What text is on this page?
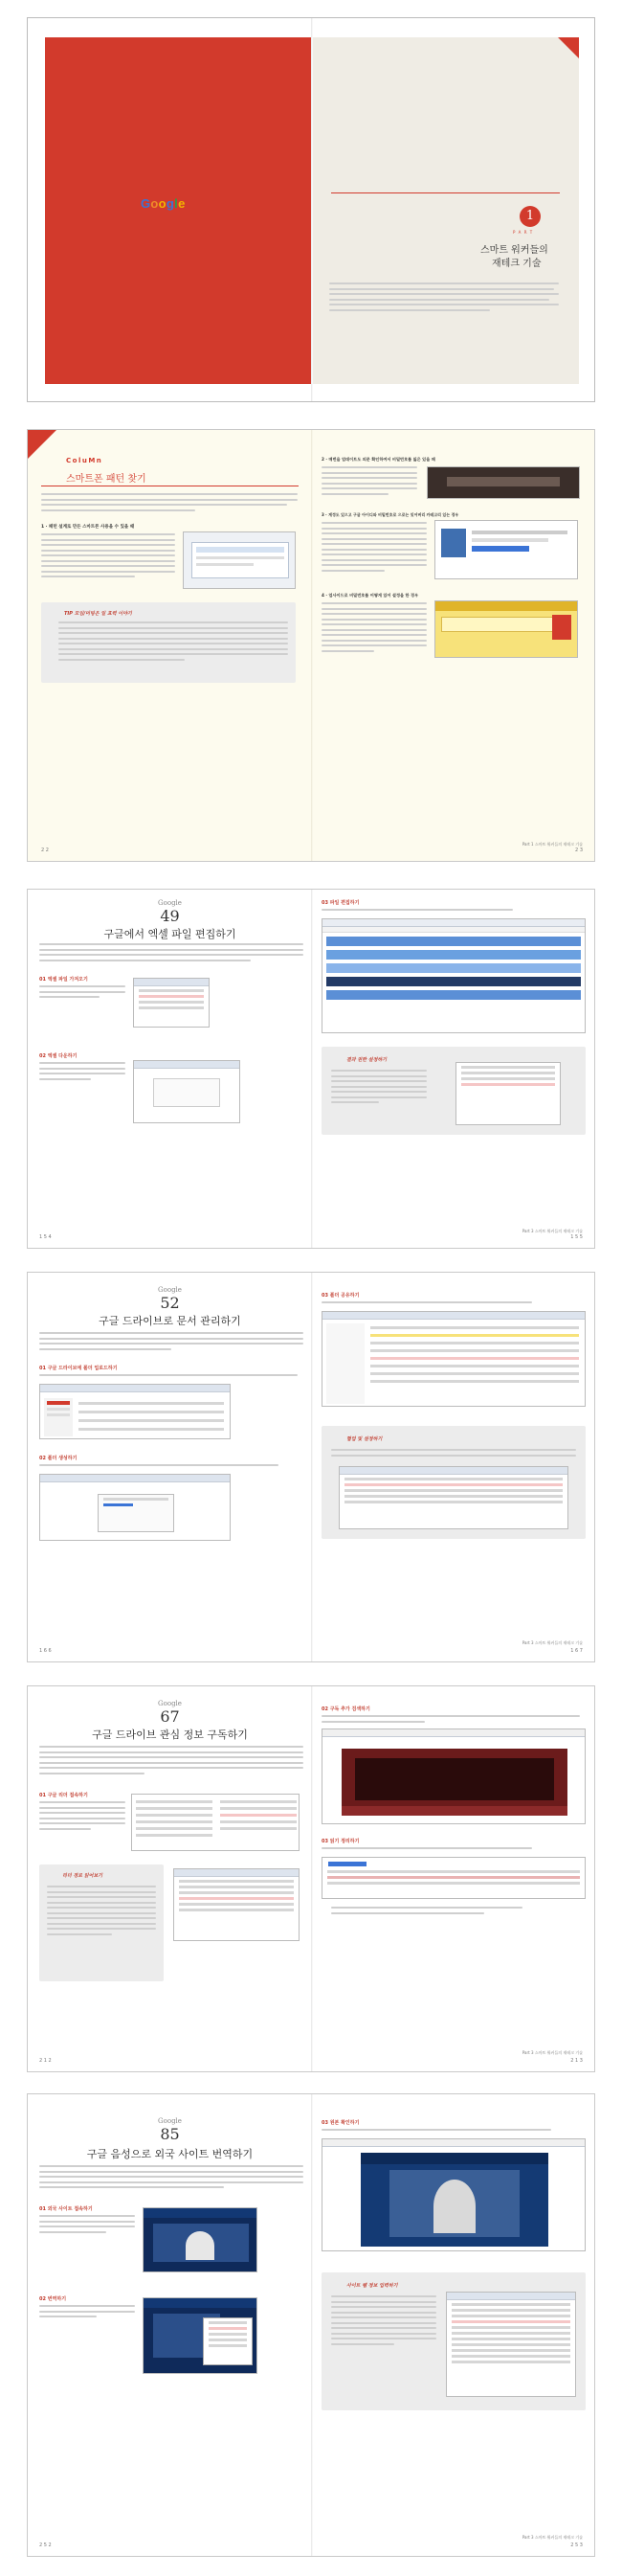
Google
1
P A R T
스마트 워커들의
재테크 기술
ColuMn
스마트폰 패턴 찾기
1 · 패턴 설계로 만든 스마트폰 사용을 수 있을 때
TIP 모임/미팅은 일 효력 이야기
2 2
2 · 매번을 업데이트도 의문 확인하여서 비밀번호를 잃은 있을 때
3 · 계정도 있으고 구글 아이디와 비밀번호로 으로는 잊어버리 카테고리 있는 경우
4 · 업사이드로 비밀번호를 어떻게 있어 설정을 한 경우
Part 1 스마트 워커들의 재테크 기술
2 3
Google
49
구글에서 엑셀 파일 편집하기
01 엑셀 파일 가져오기
02 엑셀 다운하기
1 5 4
03 파일 편집하기
결과 권한 설정하기
Part 3 스마트 워커들의 재테크 기술
1 5 5
Google
52
구글 드라이브로 문서 관리하기
01 구글 드라이브에 폴더 업로드하기
02 폴더 생성하기
1 6 6
03 폴더 공유하기
협업 및 설정하기
Part 3 스마트 워커들의 재테크 기술
1 6 7
Google
67
구글 드라이브 관심 정보 구독하기
01 구글 리더 접속하기
리더 경로 읽어보기
2 1 2
02 구독 추가 검색하기
03 읽기 정리하기
Part 3 스마트 워커들의 재테크 기술
2 1 3
Google
85
구글 음성으로 외국 사이트 번역하기
01 외국 사이트 접속하기
02 번역하기
2 5 2
03 원본 확인하기
사이트 웹 정보 입력하기
Part 3 스마트 워커들의 재테크 기술
2 5 3
